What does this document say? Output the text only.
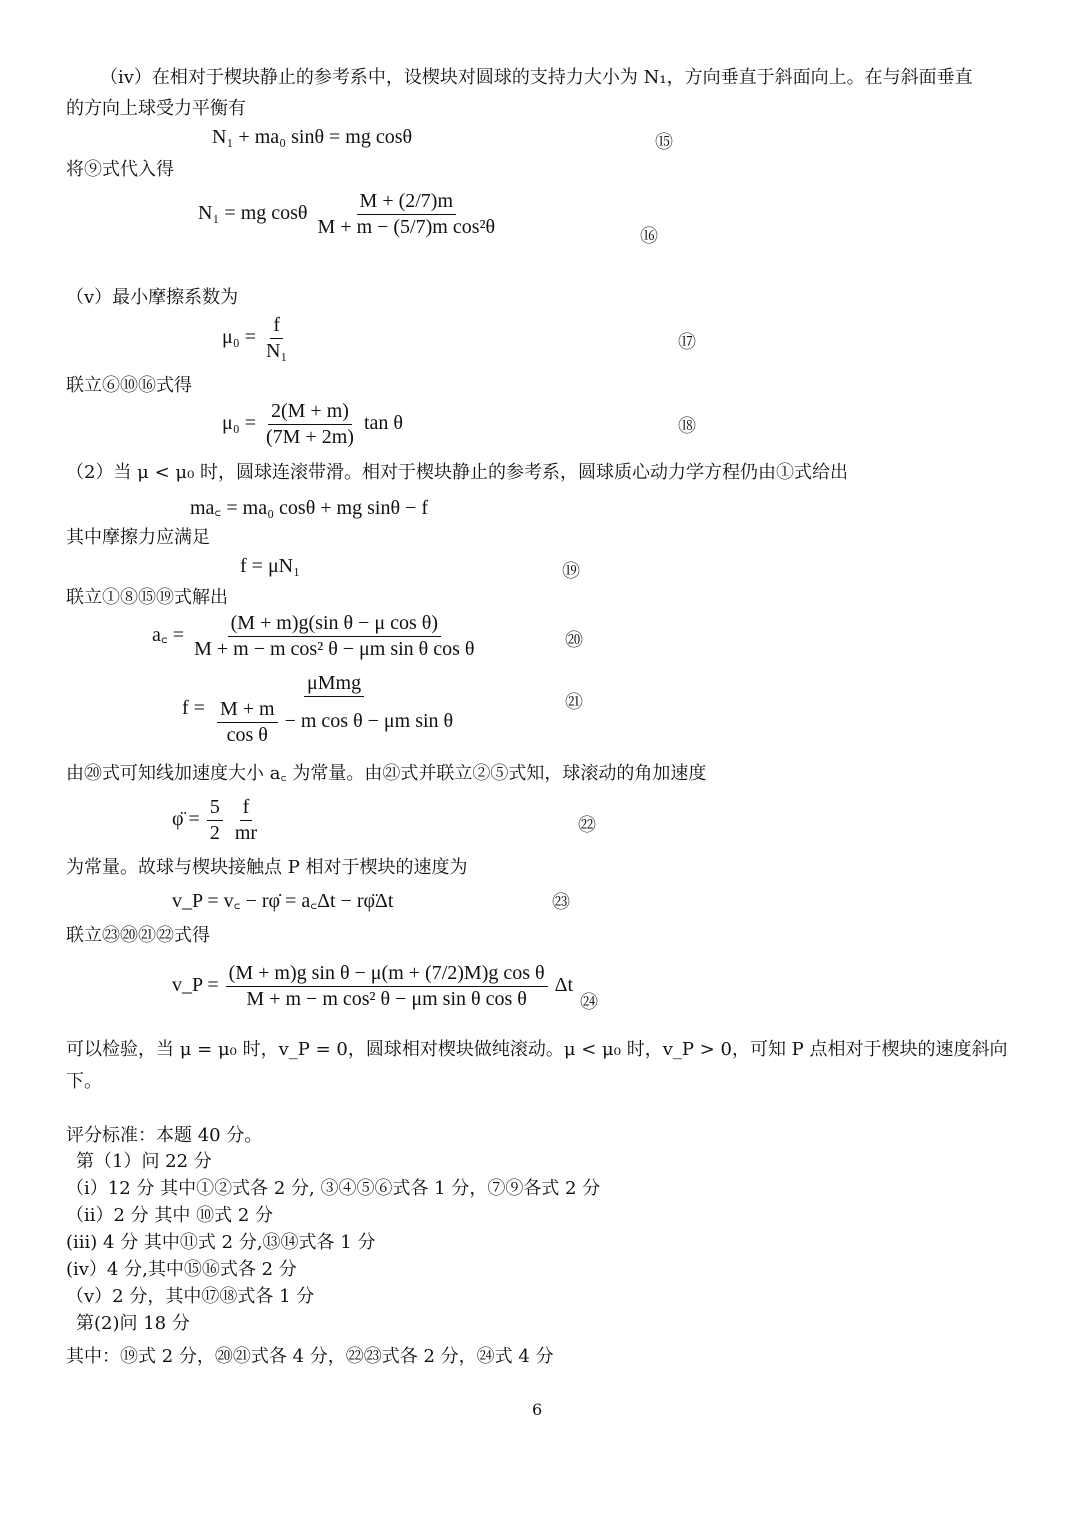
（iv）在相对于楔块静止的参考系中，设楔块对圆球的支持力大小为 N₁，方向垂直于斜面向上。在与斜面垂直
的方向上球受力平衡有
N₁ + ma₀ sinθ = mg cosθ	⑮
将⑨式代入得
N₁ = mg cosθ $\frac{M + (2/7)m}{\text{M + m − (5/7)m cos²θ}}$	⑯
（v）最小摩擦系数为
$\mu_0 = \frac{f}{\text{N₁}}$	⑰
联立⑥⑩⑯式得
$\mu_0 = \frac{2(M + m)}{(7M + 2m)}$ tan θ	⑱
（2）当 μ < μ₀ 时，圆球连滚带滑。相对于楔块静止的参考系，圆球质心动力学方程仍由①式给出
ma꜀ = ma₀ cosθ + mg sinθ − f
其中摩擦力应满足
f = μN₁	⑲
联立①⑧⑮⑲式解出
a꜀ = $\frac{\text{(M + m)g(sin θ − μ cos θ)}}{\text{M + m − m cos² θ − μm sin θ cos θ}}$	⑳
$f = \frac{\text{μMmg}}{\frac{M + m}{\text{cos θ}} - m \cos \theta - \mu m \sin \theta}$	㉑
由⑳式可知线加速度大小 a꜀ 为常量。由㉑式并联立②⑤式知，球滚动的角加速度
φ̈ = $\frac{5}{2}$
$\frac{f}{mr}$	㉒
为常量。故球与楔块接触点 P 相对于楔块的速度为
v_P = v꜀ − rφ̇ = a꜀Δt − rφ̈Δt	㉓
联立㉓⑳㉑㉒式得
v_P = $\frac{\text{(M + m)g sin θ − μ(m + (7/2)M)g cos θ}}{\text{M + m − m cos² θ − μm sin θ cos θ}}$ Δt
㉔
可以检验，当 μ = μ₀ 时，v_P = 0，圆球相对楔块做纯滚动。μ < μ₀ 时，v_P > 0，可知 P 点相对于楔块的速度斜向
下。
评分标准：本题 40 分。
第（1）问 22 分
（i）12 分 其中①②式各 2 分, ③④⑤⑥式各 1 分，⑦⑨各式 2 分
（ii）2 分 其中 ⑩式 2 分
(iii) 4 分 其中⑪式 2 分,⑬⑭式各 1 分
(iv）4 分,其中⑮⑯式各 2 分
（v）2 分，其中⑰⑱式各 1 分
第(2)问 18 分
其中：⑲式 2 分，⑳㉑式各 4 分，㉒㉓式各 2 分，㉔式 4 分
6
